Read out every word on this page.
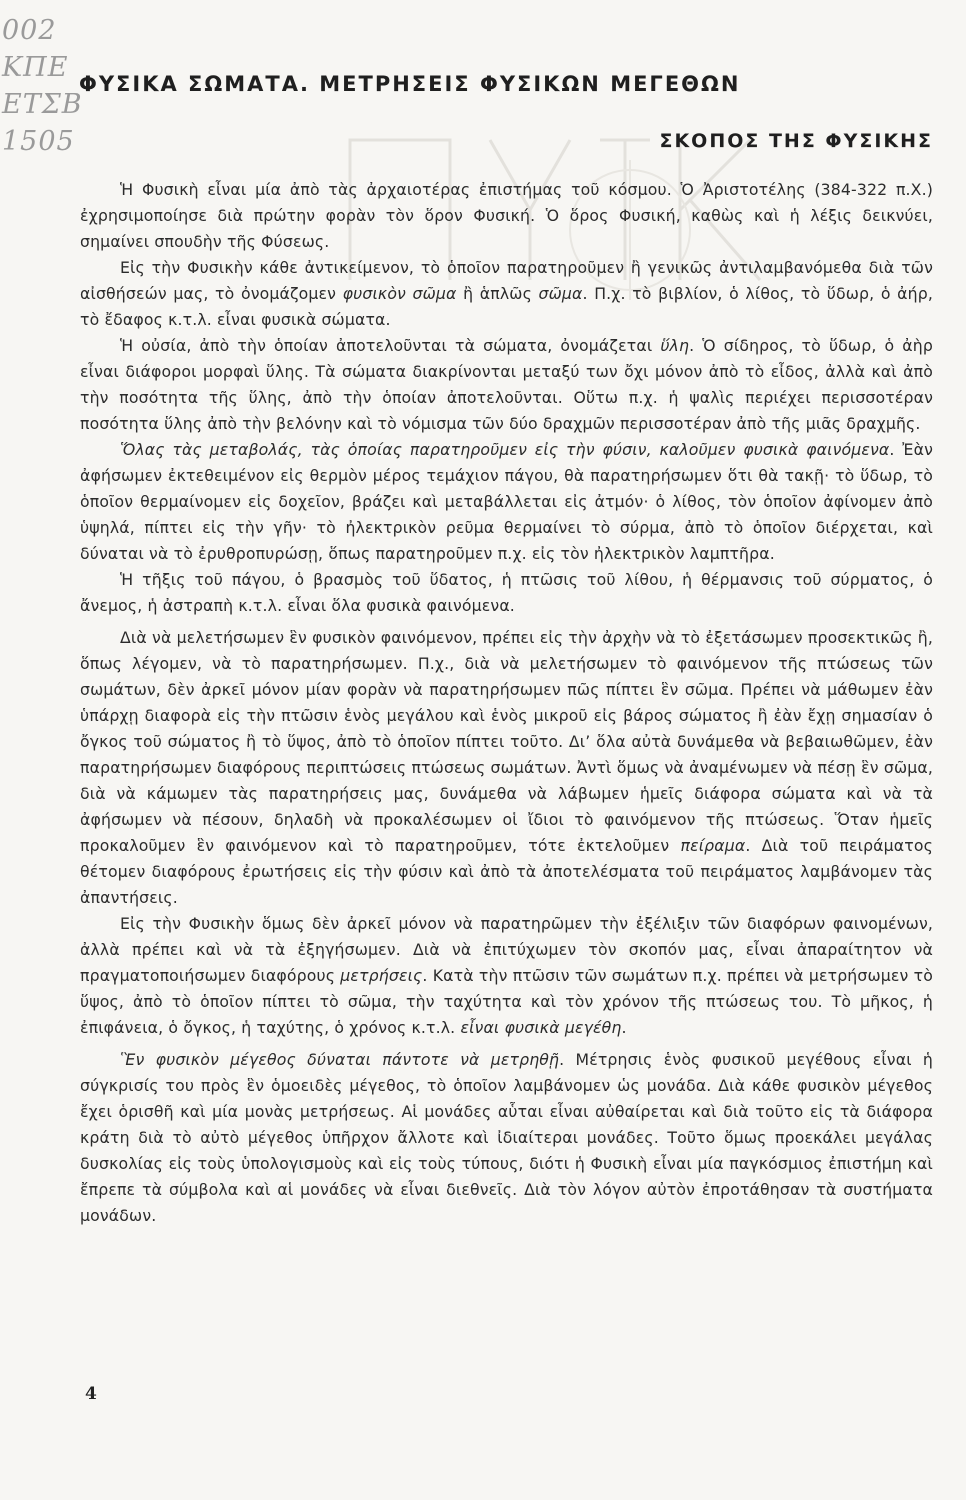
002
ΚΠΕ
ΕΤΣΒ
1505
ΦΥΣΙΚΑ ΣΩΜΑΤΑ. ΜΕΤΡΗΣΕΙΣ ΦΥΣΙΚΩΝ ΜΕΓΕΘΩΝ
ΣΚΟΠΟΣ ΤΗΣ ΦΥΣΙΚΗΣ

Ἡ Φυσικὴ εἶναι μία ἀπὸ τὰς ἀρχαιοτέρας ἐπιστήμας τοῦ κόσμου. Ὁ Ἀριστοτέλης (384-322 π.Χ.) ἐχρησιμοποίησε διὰ πρώτην φορὰν τὸν ὅρον Φυσική. Ὁ ὅρος Φυσική, καθὼς καὶ ἡ λέξις δεικνύει, σημαίνει σπουδὴν τῆς Φύσεως.

Εἰς τὴν Φυσικὴν κάθε ἀντικείμενον, τὸ ὁποῖον παρατηροῦμεν ἢ γενικῶς ἀντιλαμβανόμεθα διὰ τῶν αἰσθήσεών μας, τὸ ὀνομάζομεν φυσικὸν σῶμα ἢ ἁπλῶς σῶμα. Π.χ. τὸ βιβλίον, ὁ λίθος, τὸ ὕδωρ, ὁ ἀήρ, τὸ ἔδαφος κ.τ.λ. εἶναι φυσικὰ σώματα.

Ἡ οὐσία, ἀπὸ τὴν ὁποίαν ἀποτελοῦνται τὰ σώματα, ὀνομάζεται ὕλη. Ὁ σίδηρος, τὸ ὕδωρ, ὁ ἀὴρ εἶναι διάφοροι μορφαὶ ὕλης. Τὰ σώματα διακρίνονται μεταξύ των ὄχι μόνον ἀπὸ τὸ εἶδος, ἀλλὰ καὶ ἀπὸ τὴν ποσότητα τῆς ὕλης, ἀπὸ τὴν ὁποίαν ἀποτελοῦνται. Οὕτω π.χ. ἡ ψαλὶς περιέχει περισσοτέραν ποσότητα ὕλης ἀπὸ τὴν βελόνην καὶ τὸ νόμισμα τῶν δύο δραχμῶν περισσοτέραν ἀπὸ τῆς μιᾶς δραχμῆς.

Ὅλας τὰς μεταβολάς, τὰς ὁποίας παρατηροῦμεν εἰς τὴν φύσιν, καλοῦμεν φυσικὰ φαινόμενα. Ἐὰν ἀφήσωμεν ἐκτεθειμένον εἰς θερμὸν μέρος τεμάχιον πάγου, θὰ παρατηρήσωμεν ὅτι θὰ τακῇ· τὸ ὕδωρ, τὸ ὁποῖον θερμαίνομεν εἰς δοχεῖον, βράζει καὶ μεταβάλλεται εἰς ἀτμόν· ὁ λίθος, τὸν ὁποῖον ἀφίνομεν ἀπὸ ὑψηλά, πίπτει εἰς τὴν γῆν· τὸ ἠλεκτρικὸν ρεῦμα θερμαίνει τὸ σύρμα, ἀπὸ τὸ ὁποῖον διέρχεται, καὶ δύναται νὰ τὸ ἐρυθροπυρώσῃ, ὅπως παρατηροῦμεν π.χ. εἰς τὸν ἠλεκτρικὸν λαμπτῆρα.

Ἡ τῆξις τοῦ πάγου, ὁ βρασμὸς τοῦ ὕδατος, ἡ πτῶσις τοῦ λίθου, ἡ θέρμανσις τοῦ σύρματος, ὁ ἄνεμος, ἡ ἀστραπὴ κ.τ.λ. εἶναι ὅλα φυσικὰ φαινόμενα.

Διὰ νὰ μελετήσωμεν ἓν φυσικὸν φαινόμενον, πρέπει εἰς τὴν ἀρχὴν νὰ τὸ ἐξετάσωμεν προσεκτικῶς ἢ, ὅπως λέγομεν, νὰ τὸ παρατηρήσωμεν. Π.χ., διὰ νὰ μελετήσωμεν τὸ φαινόμενον τῆς πτώσεως τῶν σωμάτων, δὲν ἀρκεῖ μόνον μίαν φορὰν νὰ παρατηρήσωμεν πῶς πίπτει ἓν σῶμα. Πρέπει νὰ μάθωμεν ἐὰν ὑπάρχῃ διαφορὰ εἰς τὴν πτῶσιν ἑνὸς μεγάλου καὶ ἑνὸς μικροῦ εἰς βάρος σώματος ἢ ἐὰν ἔχῃ σημασίαν ὁ ὄγκος τοῦ σώματος ἢ τὸ ὕψος, ἀπὸ τὸ ὁποῖον πίπτει τοῦτο. Δι’ ὅλα αὐτὰ δυνάμεθα νὰ βεβαιωθῶμεν, ἐὰν παρατηρήσωμεν διαφόρους περιπτώσεις πτώσεως σωμάτων. Ἀντὶ ὅμως νὰ ἀναμένωμεν νὰ πέσῃ ἓν σῶμα, διὰ νὰ κάμωμεν τὰς παρατηρήσεις μας, δυνάμεθα νὰ λάβωμεν ἡμεῖς διάφορα σώματα καὶ νὰ τὰ ἀφήσωμεν νὰ πέσουν, δηλαδὴ νὰ προκαλέσωμεν οἱ ἴδιοι τὸ φαινόμενον τῆς πτώσεως. Ὅταν ἡμεῖς προκαλοῦμεν ἓν φαινόμενον καὶ τὸ παρατηροῦμεν, τότε ἐκτελοῦμεν πείραμα. Διὰ τοῦ πειράματος θέτομεν διαφόρους ἐρωτήσεις εἰς τὴν φύσιν καὶ ἀπὸ τὰ ἀποτελέσματα τοῦ πειράματος λαμβάνομεν τὰς ἀπαντήσεις.

Εἰς τὴν Φυσικὴν ὅμως δὲν ἀρκεῖ μόνον νὰ παρατηρῶμεν τὴν ἐξέλιξιν τῶν διαφόρων φαινομένων, ἀλλὰ πρέπει καὶ νὰ τὰ ἐξηγήσωμεν. Διὰ νὰ ἐπιτύχωμεν τὸν σκοπόν μας, εἶναι ἀπαραίτητον νὰ πραγματοποιήσωμεν διαφόρους μετρήσεις. Κατὰ τὴν πτῶσιν τῶν σωμάτων π.χ. πρέπει νὰ μετρήσωμεν τὸ ὕψος, ἀπὸ τὸ ὁποῖον πίπτει τὸ σῶμα, τὴν ταχύτητα καὶ τὸν χρόνον τῆς πτώσεως του. Τὸ μῆκος, ἡ ἐπιφάνεια, ὁ ὄγκος, ἡ ταχύτης, ὁ χρόνος κ.τ.λ. εἶναι φυσικὰ μεγέθη.

Ἓν φυσικὸν μέγεθος δύναται πάντοτε νὰ μετρηθῇ. Μέτρησις ἑνὸς φυσικοῦ μεγέθους εἶναι ἡ σύγκρισίς του πρὸς ἓν ὁμοειδὲς μέγεθος, τὸ ὁποῖον λαμβάνομεν ὡς μονάδα. Διὰ κάθε φυσικὸν μέγεθος ἔχει ὁρισθῆ καὶ μία μονὰς μετρήσεως. Αἱ μονάδες αὗται εἶναι αὐθαίρεται καὶ διὰ τοῦτο εἰς τὰ διάφορα κράτη διὰ τὸ αὐτὸ μέγεθος ὑπῆρχον ἄλλοτε καὶ ἰδιαίτεραι μονάδες. Τοῦτο ὅμως προεκάλει μεγάλας δυσκολίας εἰς τοὺς ὑπολογισμοὺς καὶ εἰς τοὺς τύπους, διότι ἡ Φυσικὴ εἶναι μία παγκόσμιος ἐπιστήμη καὶ ἔπρεπε τὰ σύμβολα καὶ αἱ μονάδες νὰ εἶναι διεθνεῖς. Διὰ τὸν λόγον αὐτὸν ἐπροτάθησαν τὰ συστήματα μονάδων.

4
